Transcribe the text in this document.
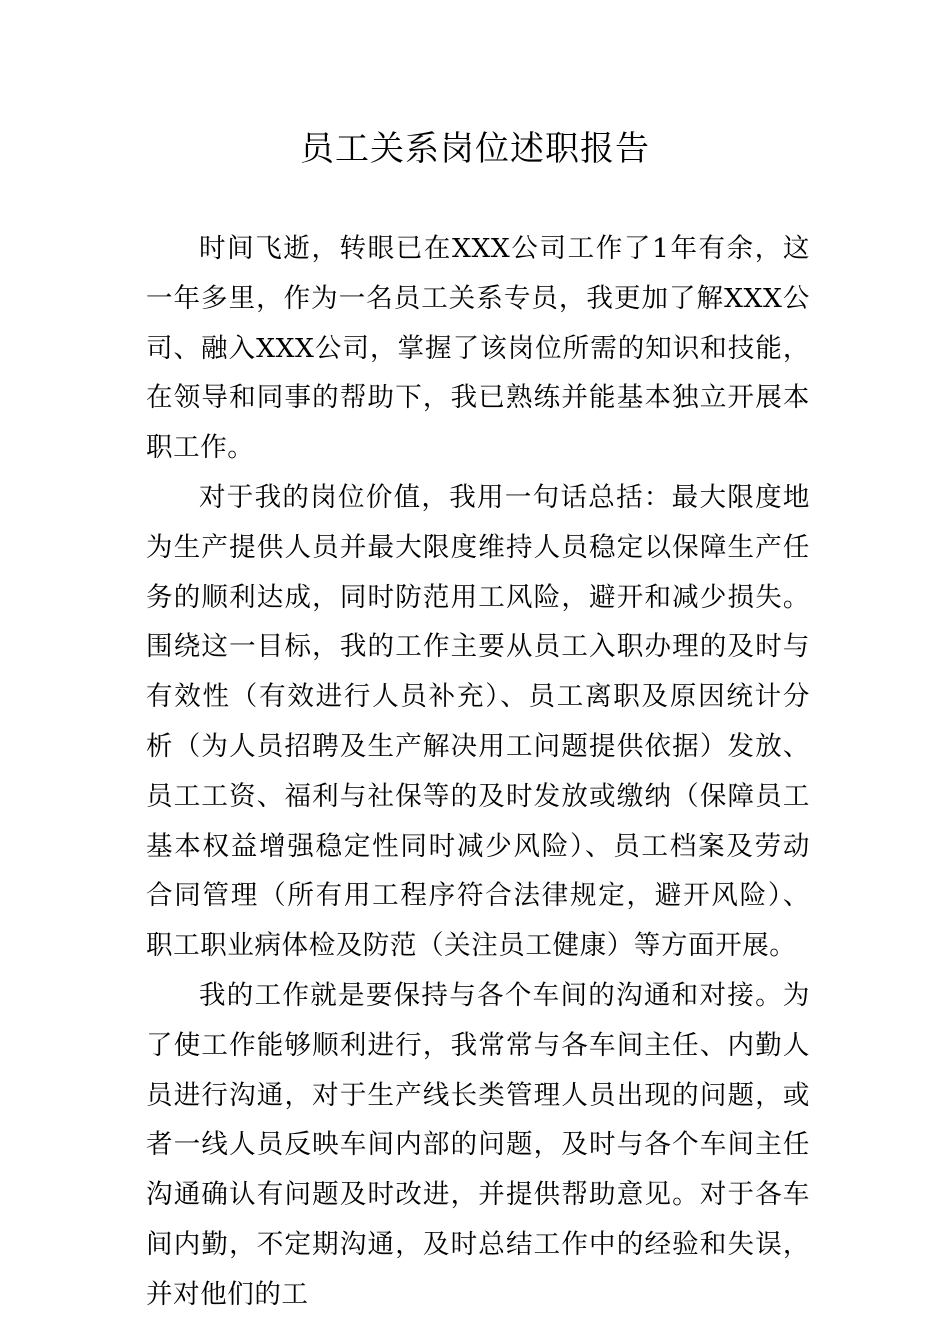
员工关系岗位述职报告

时间飞逝，转眼已在XXX公司工作了1年有余，这一年多里，作为一名员工关系专员，我更加了解XXX公司、融入XXX公司，掌握了该岗位所需的知识和技能，在领导和同事的帮助下，我已熟练并能基本独立开展本职工作。

对于我的岗位价值，我用一句话总括：最大限度地为生产提供人员并最大限度维持人员稳定以保障生产任务的顺利达成，同时防范用工风险，避开和减少损失。围绕这一目标，我的工作主要从员工入职办理的及时与有效性（有效进行人员补充）、员工离职及原因统计分析（为人员招聘及生产解决用工问题提供依据）发放、员工工资、福利与社保等的及时发放或缴纳（保障员工基本权益增强稳定性同时减少风险）、员工档案及劳动合同管理（所有用工程序符合法律规定，避开风险）、职工职业病体检及防范（关注员工健康）等方面开展。

我的工作就是要保持与各个车间的沟通和对接。为了使工作能够顺利进行，我常常与各车间主任、内勤人员进行沟通，对于生产线长类管理人员出现的问题，或者一线人员反映车间内部的问题，及时与各个车间主任沟通确认有问题及时改进，并提供帮助意见。对于各车间内勤，不定期沟通，及时总结工作中的经验和失误，并对他们的工
